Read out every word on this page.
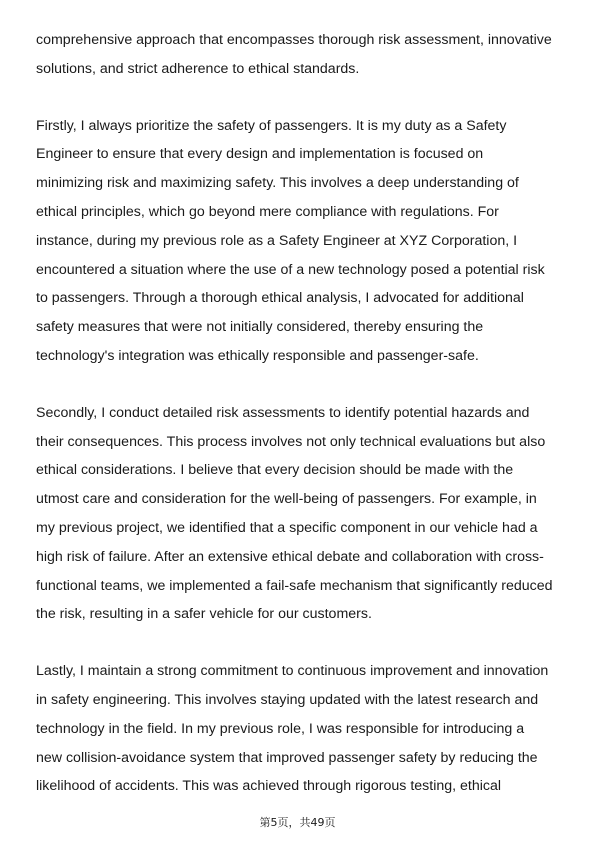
comprehensive approach that encompasses thorough risk assessment, innovative
solutions, and strict adherence to ethical standards.

Firstly, I always prioritize the safety of passengers. It is my duty as a Safety
Engineer to ensure that every design and implementation is focused on
minimizing risk and maximizing safety. This involves a deep understanding of
ethical principles, which go beyond mere compliance with regulations. For
instance, during my previous role as a Safety Engineer at XYZ Corporation, I
encountered a situation where the use of a new technology posed a potential risk
to passengers. Through a thorough ethical analysis, I advocated for additional
safety measures that were not initially considered, thereby ensuring the
technology's integration was ethically responsible and passenger-safe.

Secondly, I conduct detailed risk assessments to identify potential hazards and
their consequences. This process involves not only technical evaluations but also
ethical considerations. I believe that every decision should be made with the
utmost care and consideration for the well-being of passengers. For example, in
my previous project, we identified that a specific component in our vehicle had a
high risk of failure. After an extensive ethical debate and collaboration with cross-
functional teams, we implemented a fail-safe mechanism that significantly reduced
the risk, resulting in a safer vehicle for our customers.

Lastly, I maintain a strong commitment to continuous improvement and innovation
in safety engineering. This involves staying updated with the latest research and
technology in the field. In my previous role, I was responsible for introducing a
new collision-avoidance system that improved passenger safety by reducing the
likelihood of accidents. This was achieved through rigorous testing, ethical

第5页，共49页
